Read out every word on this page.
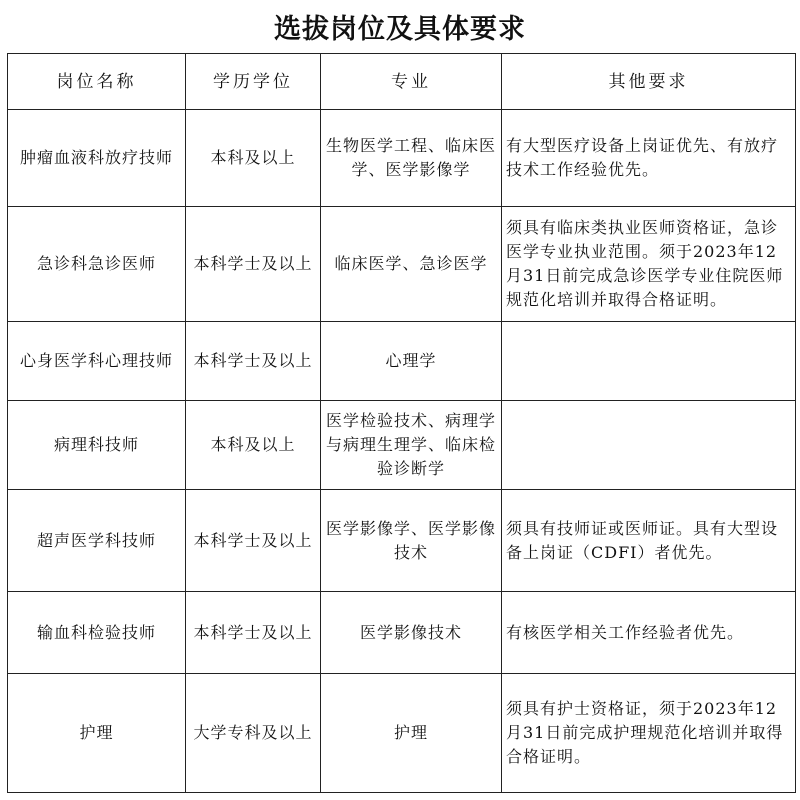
选拔岗位及具体要求
岗位名称	学历学位	专业	其他要求
肿瘤血液科放疗技师	本科及以上	生物医学工程、临床医学、医学影像学	有大型医疗设备上岗证优先、有放疗技术工作经验优先。
急诊科急诊医师	本科学士及以上	临床医学、急诊医学	须具有临床类执业医师资格证，急诊医学专业执业范围。须于2023年12月31日前完成急诊医学专业住院医师规范化培训并取得合格证明。
心身医学科心理技师	本科学士及以上	心理学	
病理科技师	本科及以上	医学检验技术、病理学与病理生理学、临床检验诊断学	
超声医学科技师	本科学士及以上	医学影像学、医学影像技术	须具有技师证或医师证。具有大型设备上岗证（CDFI）者优先。
输血科检验技师	本科学士及以上	医学影像技术	有核医学相关工作经验者优先。
护理	大学专科及以上	护理	须具有护士资格证，须于2023年12月31日前完成护理规范化培训并取得合格证明。
